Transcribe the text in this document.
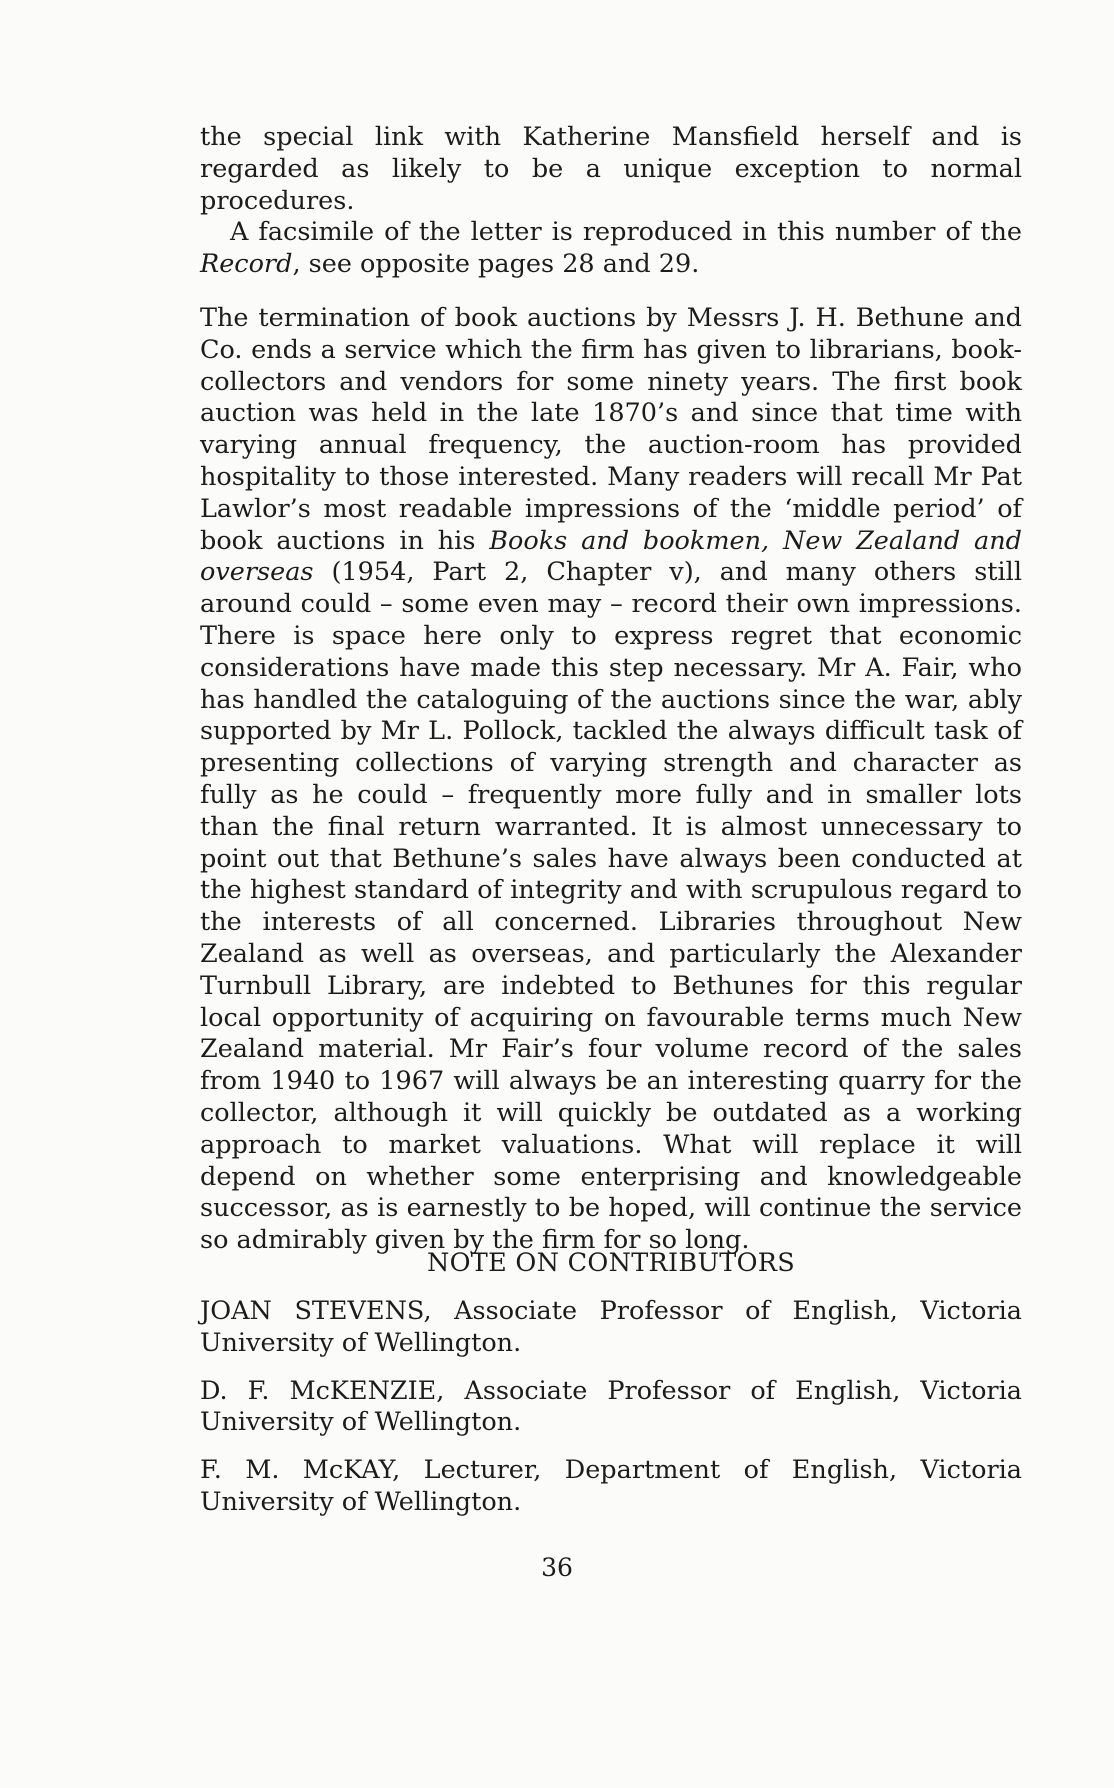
the special link with Katherine Mansfield herself and is regarded as likely to be a unique exception to normal procedures.

A facsimile of the letter is reproduced in this number of the Record, see opposite pages 28 and 29.

The termination of book auctions by Messrs J. H. Bethune and Co. ends a service which the firm has given to librarians, book-collectors and vendors for some ninety years. The first book auction was held in the late 1870’s and since that time with varying annual frequency, the auction-room has provided hospitality to those interested. Many readers will recall Mr Pat Lawlor’s most readable impressions of the ‘middle period’ of book auctions in his Books and bookmen, New Zealand and overseas (1954, Part 2, Chapter v), and many others still around could – some even may – record their own impressions. There is space here only to express regret that economic considerations have made this step necessary. Mr A. Fair, who has handled the cataloguing of the auctions since the war, ably supported by Mr L. Pollock, tackled the always difficult task of presenting collections of varying strength and character as fully as he could – frequently more fully and in smaller lots than the final return warranted. It is almost unnecessary to point out that Bethune’s sales have always been conducted at the highest standard of integrity and with scrupulous regard to the interests of all concerned. Libraries throughout New Zealand as well as overseas, and particularly the Alexander Turnbull Library, are indebted to Bethunes for this regular local opportunity of acquiring on favourable terms much New Zealand material. Mr Fair’s four volume record of the sales from 1940 to 1967 will always be an interesting quarry for the collector, although it will quickly be outdated as a working approach to market valuations. What will replace it will depend on whether some enterprising and knowledgeable successor, as is earnestly to be hoped, will continue the service so admirably given by the firm for so long.

NOTE ON CONTRIBUTORS

JOAN STEVENS, Associate Professor of English, Victoria University of Wellington.

D. F. McKENZIE, Associate Professor of English, Victoria University of Wellington.

F. M. McKAY, Lecturer, Department of English, Victoria University of Wellington.

36
